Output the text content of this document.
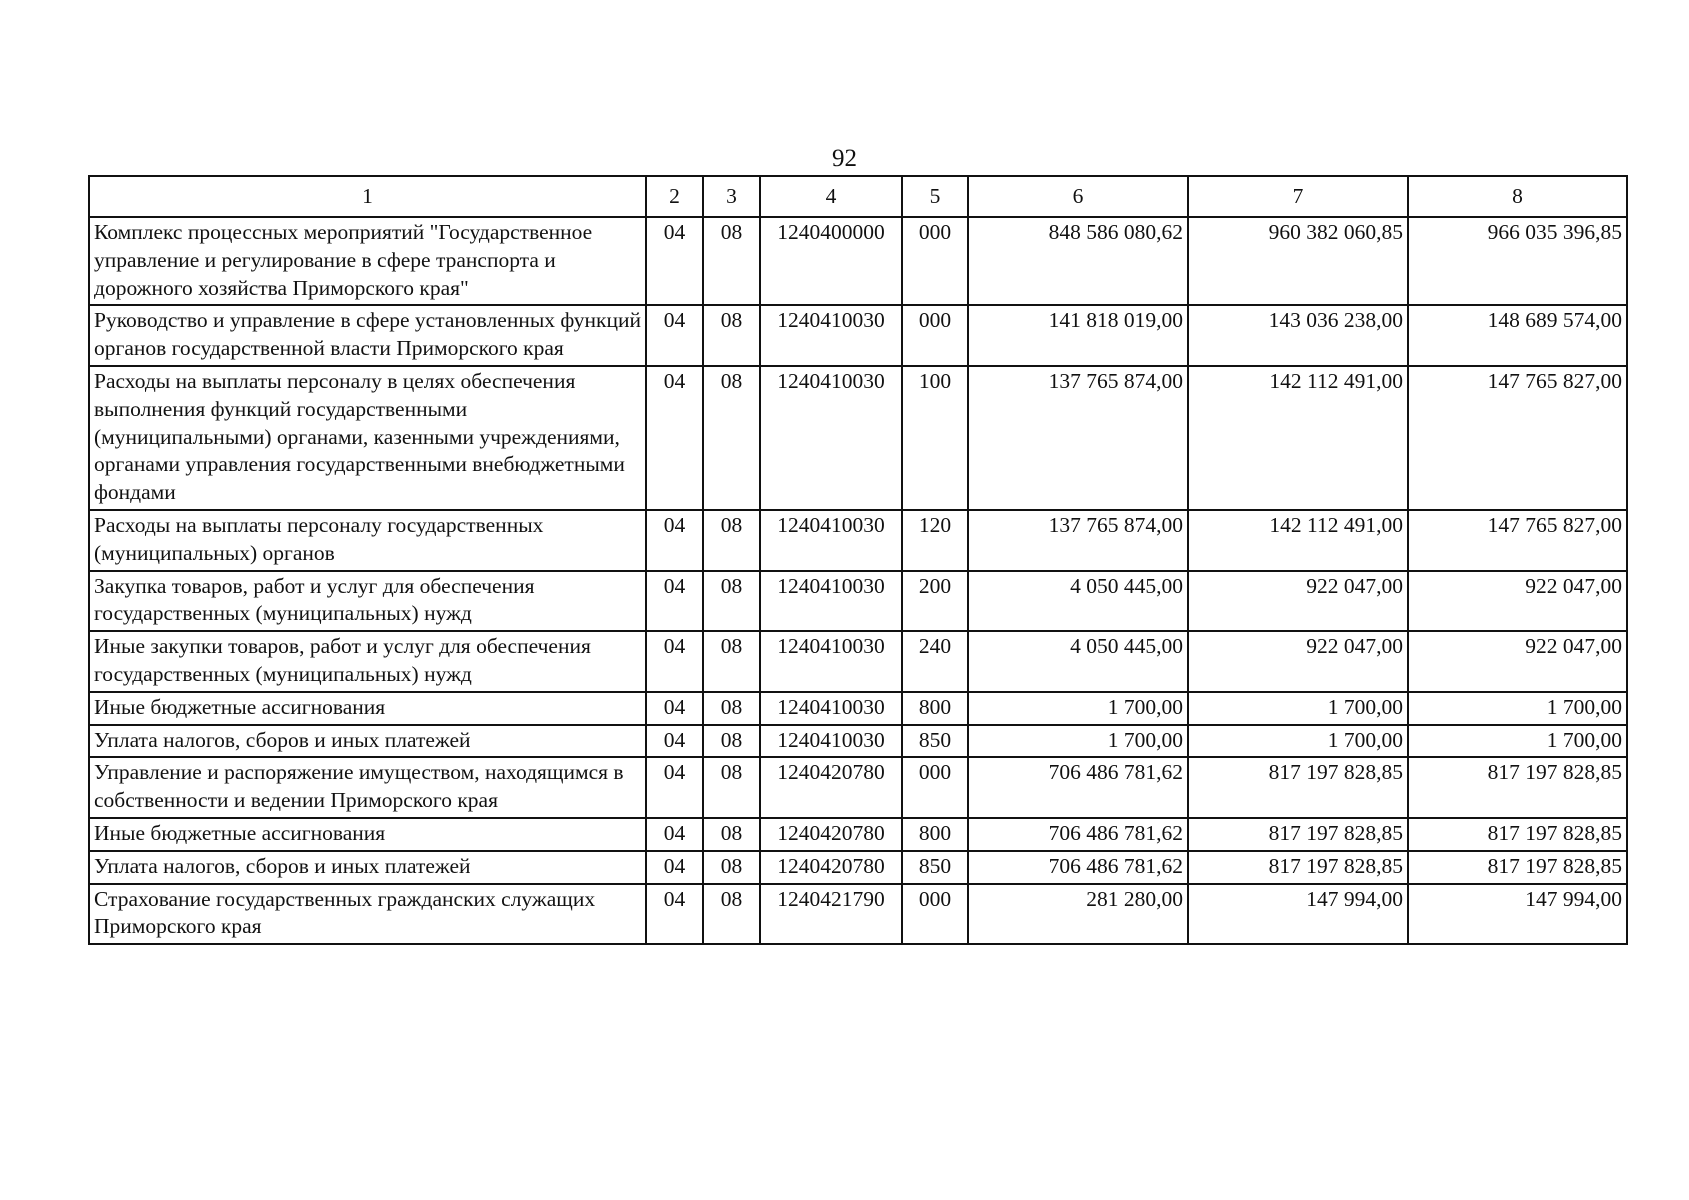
92
1	2	3	4	5	6	7	8
Комплекс процессных мероприятий "Государственное управление и регулирование в сфере транспорта и дорожного хозяйства Приморского края"	04	08	1240400000	000	848 586 080,62	960 382 060,85	966 035 396,85
Руководство и управление в сфере установленных функций органов государственной власти Приморского края	04	08	1240410030	000	141 818 019,00	143 036 238,00	148 689 574,00
Расходы на выплаты персоналу в целях обеспечения выполнения функций государственными (муниципальными) органами, казенными учреждениями, органами управления государственными внебюджетными фондами	04	08	1240410030	100	137 765 874,00	142 112 491,00	147 765 827,00
Расходы на выплаты персоналу государственных (муниципальных) органов	04	08	1240410030	120	137 765 874,00	142 112 491,00	147 765 827,00
Закупка товаров, работ и услуг для обеспечения государственных (муниципальных) нужд	04	08	1240410030	200	4 050 445,00	922 047,00	922 047,00
Иные закупки товаров, работ и услуг для обеспечения государственных (муниципальных) нужд	04	08	1240410030	240	4 050 445,00	922 047,00	922 047,00
Иные бюджетные ассигнования	04	08	1240410030	800	1 700,00	1 700,00	1 700,00
Уплата налогов, сборов и иных платежей	04	08	1240410030	850	1 700,00	1 700,00	1 700,00
Управление и распоряжение имуществом, находящимся в собственности и ведении Приморского края	04	08	1240420780	000	706 486 781,62	817 197 828,85	817 197 828,85
Иные бюджетные ассигнования	04	08	1240420780	800	706 486 781,62	817 197 828,85	817 197 828,85
Уплата налогов, сборов и иных платежей	04	08	1240420780	850	706 486 781,62	817 197 828,85	817 197 828,85
Страхование государственных гражданских служащих Приморского края	04	08	1240421790	000	281 280,00	147 994,00	147 994,00
